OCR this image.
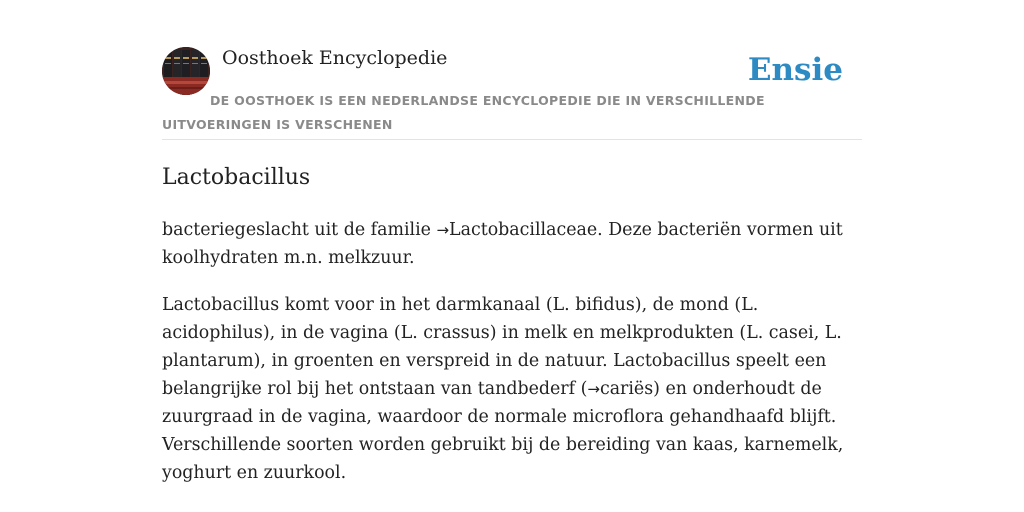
Oosthoek Encyclopedie	Ensie
DE OOSTHOEK IS EEN NEDERLANDSE ENCYCLOPEDIE DIE IN VERSCHILLENDE UITVOERINGEN IS VERSCHENEN
Lactobacillus

bacteriegeslacht uit de familie →Lactobacillaceae. Deze bacteriën vormen uit koolhydraten m.n. melkzuur.

Lactobacillus komt voor in het darmkanaal (L. bifidus), de mond (L. acidophilus), in de vagina (L. crassus) in melk en melkprodukten (L. casei, L. plantarum), in groenten en verspreid in de natuur. Lactobacillus speelt een belangrijke rol bij het ontstaan van tandbederf (→cariës) en onderhoudt de zuurgraad in de vagina, waardoor de normale microflora gehandhaafd blijft. Verschillende soorten worden gebruikt bij de bereiding van kaas, karnemelk, yoghurt en zuurkool.
